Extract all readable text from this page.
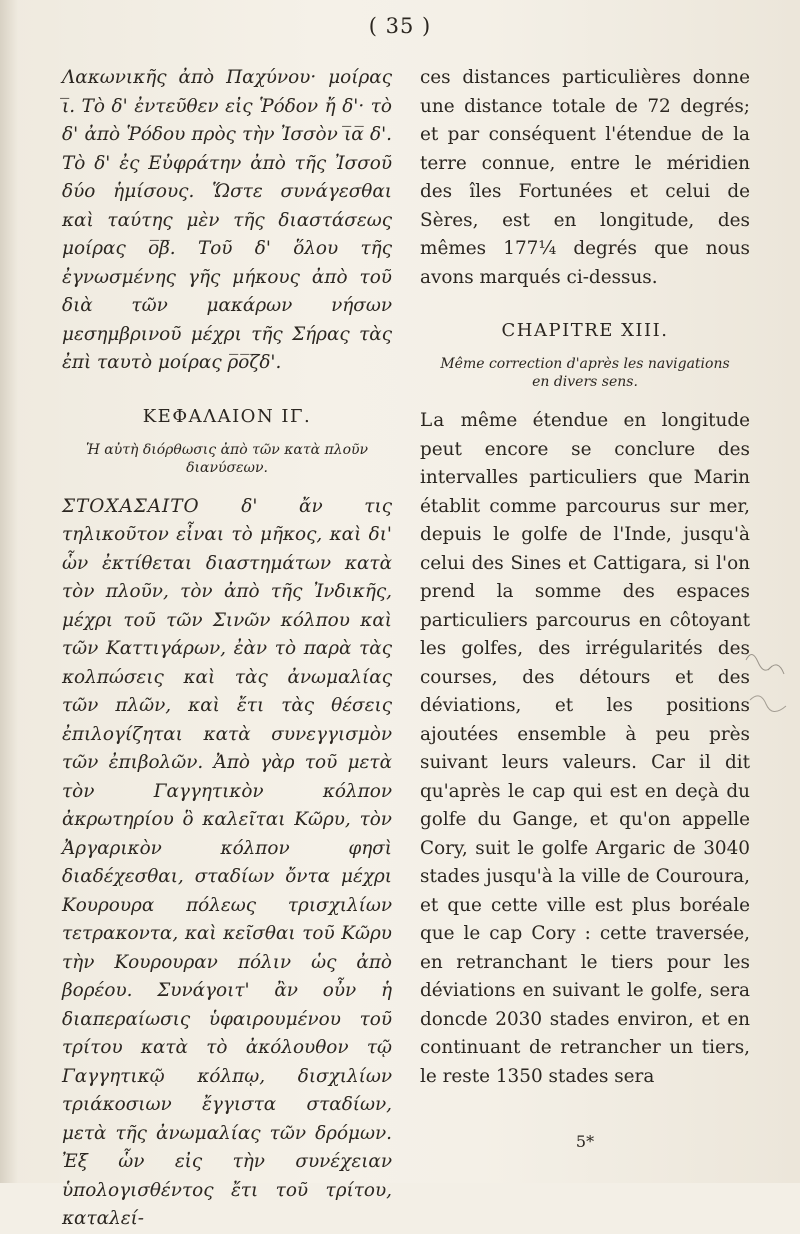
( 35 )

Λακωνικῆς ἀπὸ Παχύνου· μοίρας ι̅. Τὸ δ' ἐντεῦθεν εἰς Ῥόδον ἤ δ'· τὸ δ' ἀπὸ Ῥόδου πρὸς τὴν Ἰσσὸν ι̅α̅ δ'. Τὸ δ' ἐς Εὐφράτην ἀπὸ τῆς Ἰσσοῦ δύο ἡμίσους. Ὥστε συνάγεσθαι καὶ ταύτης μὲν τῆς διαστάσεως μοίρας ο̅β̅. Τοῦ δ' ὅλου τῆς ἐγνωσμένης γῆς μήκους ἀπὸ τοῦ διὰ τῶν μακάρων νήσων μεσημβρινοῦ μέχρι τῆς Σήρας τὰς ἐπὶ ταυτὸ μοίρας ρ̅ο̅ζ̅δ'.

ΚΕΦΑΛΑΙΟΝ ΙΓ.
Ἡ αὐτὴ διόρθωσις ἀπὸ τῶν κατὰ πλοῦν διανύσεων.

ΣΤΟΧΑΣΑΙΤΟ δ' ἄν τις τηλικοῦτον εἶναι τὸ μῆκος, καὶ δι' ὧν ἐκτίθεται διαστημάτων κατὰ τὸν πλοῦν, τὸν ἀπὸ τῆς Ἰνδικῆς, μέχρι τοῦ τῶν Σινῶν κόλπου καὶ τῶν Καττιγάρων, ἐὰν τὸ παρὰ τὰς κολπώσεις καὶ τὰς ἀνωμαλίας τῶν πλῶν, καὶ ἔτι τὰς θέσεις ἐπιλογίζηται κατὰ συνεγγισμὸν τῶν ἐπιβολῶν. Ἀπὸ γὰρ τοῦ μετὰ τὸν Γαγγητικὸν κόλπον ἀκρωτηρίου ὃ καλεῖται Κῶρυ, τὸν Ἀργαρικὸν κόλπον φησὶ διαδέχεσθαι, σταδίων ὄντα μέχρι Κουρουρα πόλεως τρισχιλίων τετρακοντα, καὶ κεῖσθαι τοῦ Κῶρυ τὴν Κουρουραν πόλιν ὡς ἀπὸ βορέου. Συνάγοιτ' ἂν οὖν ἡ διαπεραίωσις ὑφαιρουμένου τοῦ τρίτου κατὰ τὸ ἀκόλουθον τῷ Γαγγητικῷ κόλπῳ, δισχιλίων τριάκοσιων ἔγγιστα σταδίων, μετὰ τῆς ἀνωμαλίας τῶν δρόμων. Ἐξ ὧν εἰς τὴν συνέχειαν ὑπολογισθέντος ἔτι τοῦ τρίτου, καταλεί-

ces distances particulières donne une distance totale de 72 degrés; et par conséquent l'étendue de la terre connue, entre le méridien des îles Fortunées et celui de Sères, est en longitude, des mêmes 177¼ degrés que nous avons marqués ci-dessus.

CHAPITRE XIII.
Même correction d'après les navigations en divers sens.

La même étendue en longitude peut encore se conclure des intervalles particuliers que Marin établit comme parcourus sur mer, depuis le golfe de l'Inde, jusqu'à celui des Sines et Cattigara, si l'on prend la somme des espaces particuliers parcourus en côtoyant les golfes, des irrégularités des courses, des détours et des déviations, et les positions ajoutées ensemble à peu près suivant leurs valeurs. Car il dit qu'après le cap qui est en deçà du golfe du Gange, et qu'on appelle Cory, suit le golfe Argaric de 3040 stades jusqu'à la ville de Couroura, et que cette ville est plus boréale que le cap Cory : cette traversée, en retranchant le tiers pour les déviations en suivant le golfe, sera doncde 2030 stades environ, et en continuant de retrancher un tiers, le reste 1350 stades sera

5*
